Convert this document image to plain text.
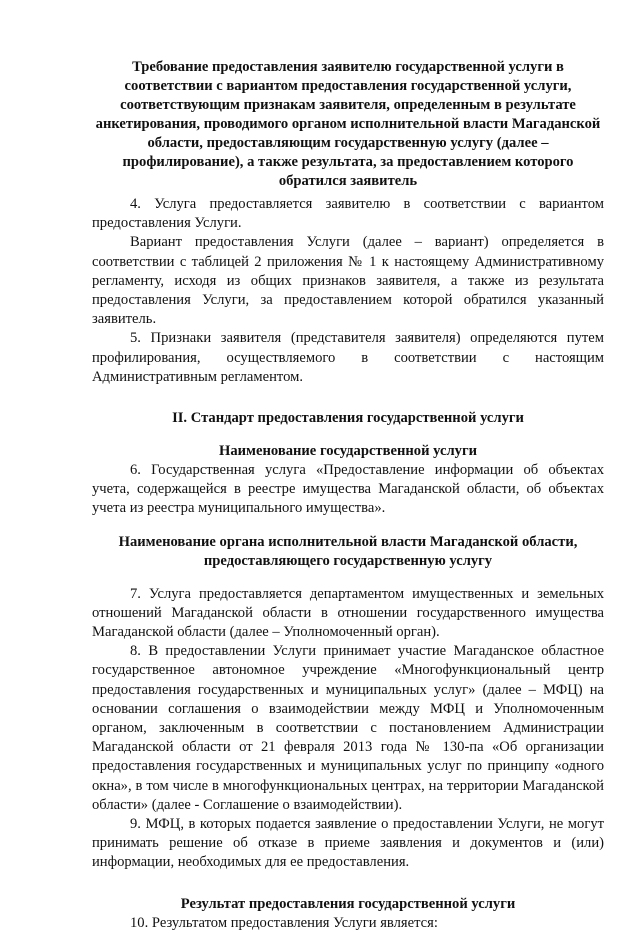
Требование предоставления заявителю государственной услуги в соответствии с вариантом предоставления государственной услуги, соответствующим признакам заявителя, определенным в результате анкетирования, проводимого органом исполнительной власти Магаданской области, предоставляющим государственную услугу (далее – профилирование), а также результата, за предоставлением которого обратился заявитель

4. Услуга предоставляется заявителю в соответствии с вариантом предоставления Услуги.

Вариант предоставления Услуги (далее – вариант) определяется в соответствии с таблицей 2 приложения № 1 к настоящему Административному регламенту, исходя из общих признаков заявителя, а также из результата предоставления Услуги, за предоставлением которой обратился указанный заявитель.

5. Признаки заявителя (представителя заявителя) определяются путем профилирования, осуществляемого в соответствии с настоящим Административным регламентом.

II. Стандарт предоставления государственной услуги

Наименование государственной услуги

6. Государственная услуга «Предоставление информации об объектах учета, содержащейся в реестре имущества Магаданской области, об объектах учета из реестра муниципального имущества».

Наименование органа исполнительной власти Магаданской области, предоставляющего государственную услугу

7. Услуга предоставляется департаментом имущественных и земельных отношений Магаданской области в отношении государственного имущества Магаданской области (далее – Уполномоченный орган).

8. В предоставлении Услуги принимает участие Магаданское областное государственное автономное учреждение «Многофункциональный центр предоставления государственных и муниципальных услуг» (далее – МФЦ) на основании соглашения о взаимодействии между МФЦ и Уполномоченным органом, заключенным в соответствии с постановлением Администрации Магаданской области от 21 февраля 2013 года № 130-па «Об организации предоставления государственных и муниципальных услуг по принципу «одного окна», в том числе в многофункциональных центрах, на территории Магаданской области» (далее - Соглашение о взаимодействии).

9. МФЦ, в которых подается заявление о предоставлении Услуги, не могут принимать решение об отказе в приеме заявления и документов и (или) информации, необходимых для ее предоставления.

Результат предоставления государственной услуги

10. Результатом предоставления Услуги является:
